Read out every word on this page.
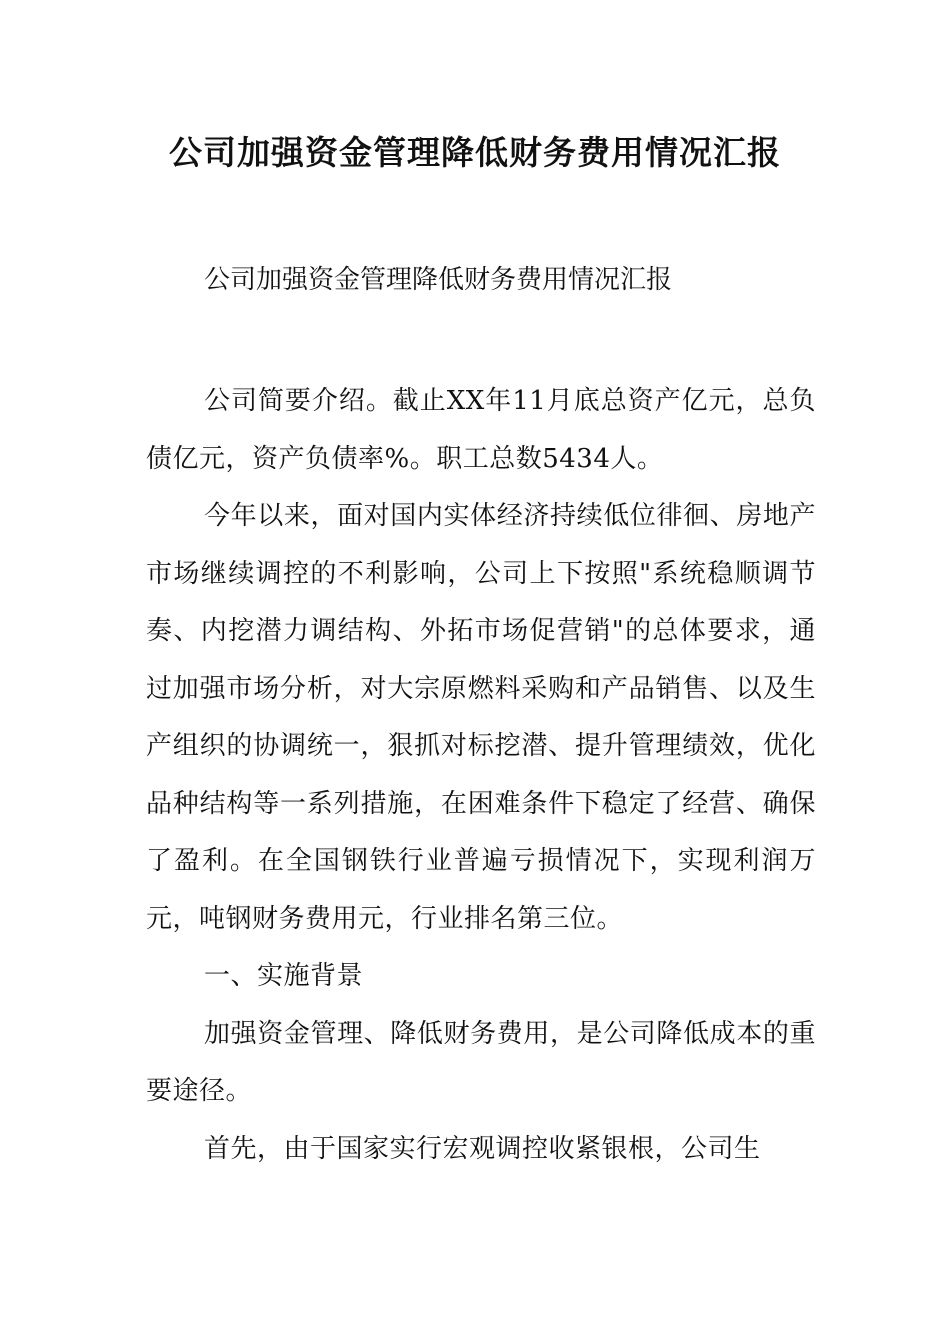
公司加强资金管理降低财务费用情况汇报

公司加强资金管理降低财务费用情况汇报

公司简要介绍。截止XX年11月底总资产亿元，总负债亿元，资产负债率%。职工总数5434人。

今年以来，面对国内实体经济持续低位徘徊、房地产市场继续调控的不利影响，公司上下按照"系统稳顺调节奏、内挖潜力调结构、外拓市场促营销"的总体要求，通过加强市场分析，对大宗原燃料采购和产品销售、以及生产组织的协调统一，狠抓对标挖潜、提升管理绩效，优化品种结构等一系列措施，在困难条件下稳定了经营、确保了盈利。在全国钢铁行业普遍亏损情况下，实现利润万元，吨钢财务费用元，行业排名第三位。

一、实施背景

加强资金管理、降低财务费用，是公司降低成本的重要途径。

首先，由于国家实行宏观调控收紧银根，公司生
